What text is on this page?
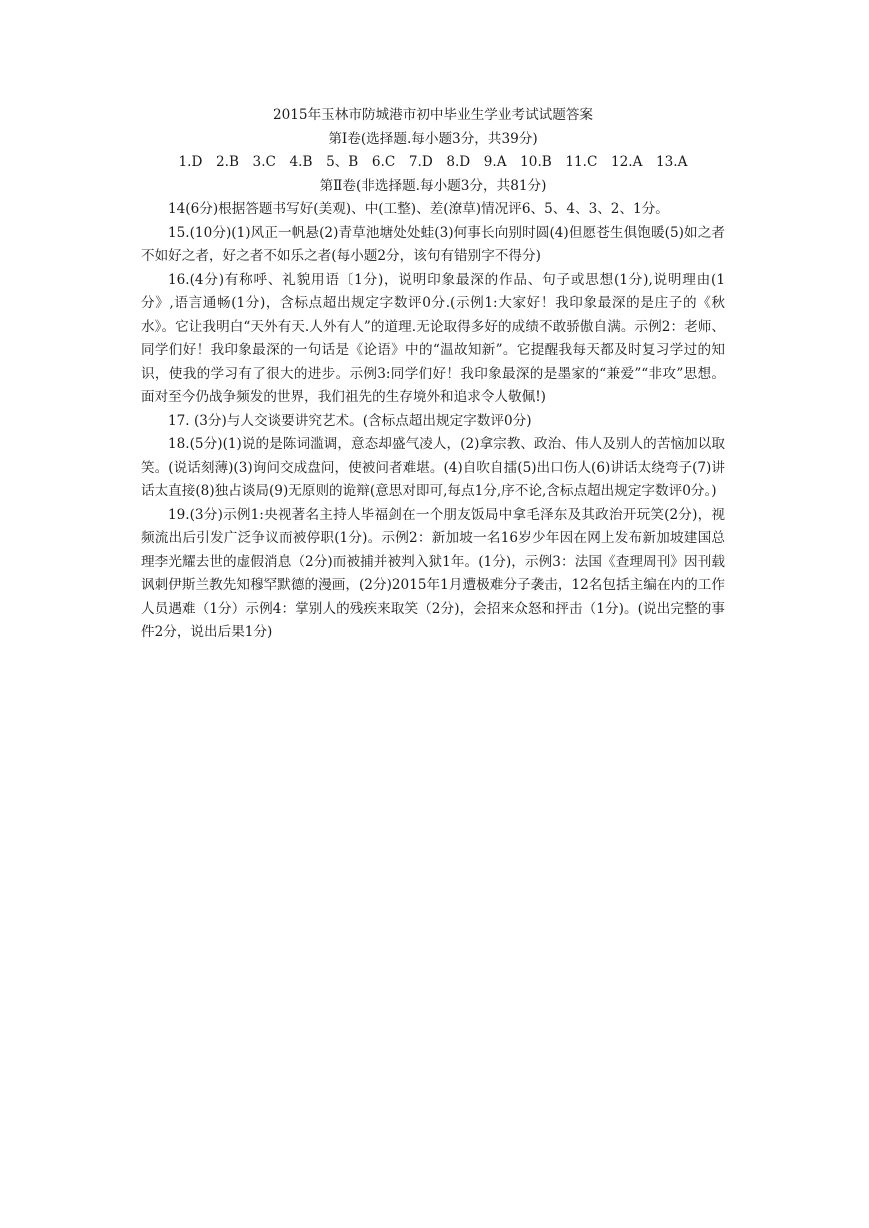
2015年玉林市防城港市初中毕业生学业考试试题答案
第Ⅰ卷(选择题.每小题3分，共39分)
1.D　2.B　3.C　4.B　5、B　6.C　7.D　8.D　9.A　10.B　11.C　12.A　13.A
第Ⅱ卷(非选择题.每小题3分，共81分)

14(6分)根据答题书写好(美观)、中(工整)、差(潦草)情况评6、5、4、3、2、1分。

15.(10分)(1)风正一帆悬(2)青草池塘处处蛙(3)何事长向别时圆(4)但愿苍生俱饱暖(5)如之者不如好之者，好之者不如乐之者(每小题2分，该句有错别字不得分)

16.(4分)有称呼、礼貌用语〔1分)，说明印象最深的作品、句子或思想(1分),说明理由(1分》,语言通畅(1分)，含标点超出规定字数评0分.(示例1:大家好！我印象最深的是庄子的《秋水》。它让我明白“天外有天.人外有人”的道理.无论取得多好的成绩不敢骄傲自满。示例2：老师、同学们好！我印象最深的一句话是《论语》中的“温故知新”。它提醒我每天都及时复习学过的知识，使我的学习有了很大的进步。示例3:同学们好！我印象最深的是墨家的“兼爱”“非攻”思想。面对至今仍战争频发的世界，我们祖先的生存境外和追求令人敬佩!)

17. (3分)与人交谈要讲究艺术。(含标点超出规定字数评0分)

18.(5分)(1)说的是陈词滥调，意态却盛气凌人，(2)拿宗教、政治、伟人及别人的苦恼加以取笑。(说话刻薄)(3)询问交成盘问，使被问者难堪。(4)自吹自擂(5)出口伤人(6)讲话太绕弯子(7)讲话太直接(8)独占谈局(9)无原则的诡辩(意思对即可,每点1分,序不论,含标点超出规定字数评0分。)

19.(3分)示例1:央视著名主持人毕福剑在一个朋友饭局中拿毛泽东及其政治开玩笑(2分)，视频流出后引发广泛争议而被停职(1分)。示例2：新加坡一名16岁少年因在网上发布新加坡建国总理李光耀去世的虚假消息（2分)而被捕并被判入狱1年。(1分)，示例3：法国《查理周刊》因刊载讽刺伊斯兰教先知穆罕默德的漫画，(2分)2015年1月遭极难分子袭击，12名包括主编在内的工作人员遇难（1分）示例4：掌别人的残疾来取笑（2分)，会招来众怒和抨击（1分)。(说出完整的事件2分，说出后果1分)
